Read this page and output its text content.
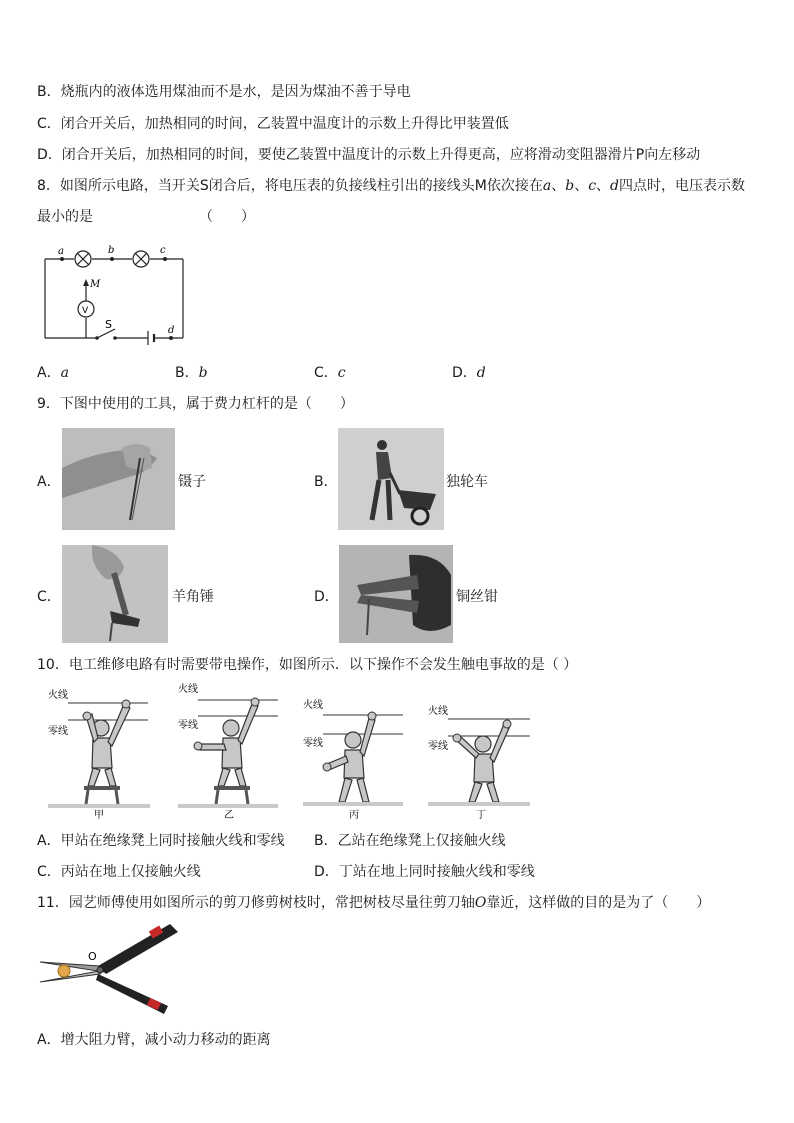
B．烧瓶内的液体选用煤油而不是水，是因为煤油不善于导电
C．闭合开关后，加热相同的时间，乙装置中温度计的示数上升得比甲装置低
D．闭合开关后，加热相同的时间，要使乙装置中温度计的示数上升得更高，应将滑动变阻器滑片P向左移动
8．如图所示电路，当开关S闭合后，将电压表的负接线柱引出的接线头M依次接在a、b、c、d四点时，电压表示数
最小的是	（　　）
a	b	c
d
M
V
S
A．a	B．b	C．c	D．d
9．下图中使用的工具，属于费力杠杆的是（　　）
A．	镊子	B．	独轮车
C．	羊角锤	D．	铜丝钳
10．电工维修电路有时需要带电操作，如图所示．以下操作不会发生触电事故的是（ ）
火线
零线
甲
火线
零线
乙
火线
零线
丙
火线
零线
丁
A．甲站在绝缘凳上同时接触火线和零线 B．乙站在绝缘凳上仅接触火线
C．丙站在地上仅接触火线	D．丁站在地上同时接触火线和零线
11．园艺师傅使用如图所示的剪刀修剪树枝时，常把树枝尽量往剪刀轴O靠近，这样做的目的是为了（　　）
O
A．增大阻力臂，减小动力移动的距离
